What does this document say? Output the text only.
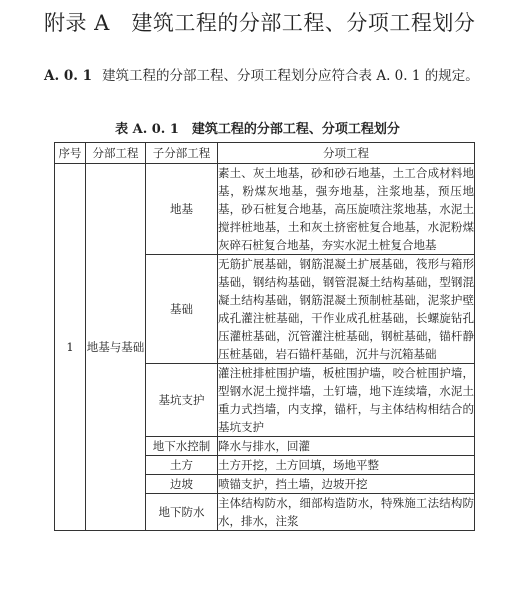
附录 A　建筑工程的分部工程、分项工程划分
A. 0. 1 建筑工程的分部工程、分项工程划分应符合表 A. 0. 1 的规定。
表 A. 0. 1　建筑工程的分部工程、分项工程划分
序号	分部工程	子分部工程	分项工程
1	地基与基础	地基	素土、灰土地基，砂和砂石地基，土工合成材料地基，粉煤灰地基，强夯地基，注浆地基，预压地基，砂石桩复合地基，高压旋喷注浆地基，水泥土搅拌桩地基，土和灰土挤密桩复合地基，水泥粉煤灰碎石桩复合地基，夯实水泥土桩复合地基
		基础	无筋扩展基础，钢筋混凝土扩展基础，筏形与箱形基础，钢结构基础，钢管混凝土结构基础，型钢混凝土结构基础，钢筋混凝土预制桩基础，泥浆护壁成孔灌注桩基础，干作业成孔桩基础，长螺旋钻孔压灌桩基础，沉管灌注桩基础，钢桩基础，锚杆静压桩基础，岩石锚杆基础，沉井与沉箱基础
		基坑支护	灌注桩排桩围护墙，板桩围护墙，咬合桩围护墙，型钢水泥土搅拌墙，土钉墙，地下连续墙，水泥土重力式挡墙，内支撑，锚杆，与主体结构相结合的基坑支护
		地下水控制	降水与排水，回灌
		土方	土方开挖，土方回填，场地平整
		边坡	喷锚支护，挡土墙，边坡开挖
		地下防水	主体结构防水，细部构造防水，特殊施工法结构防水，排水，注浆
